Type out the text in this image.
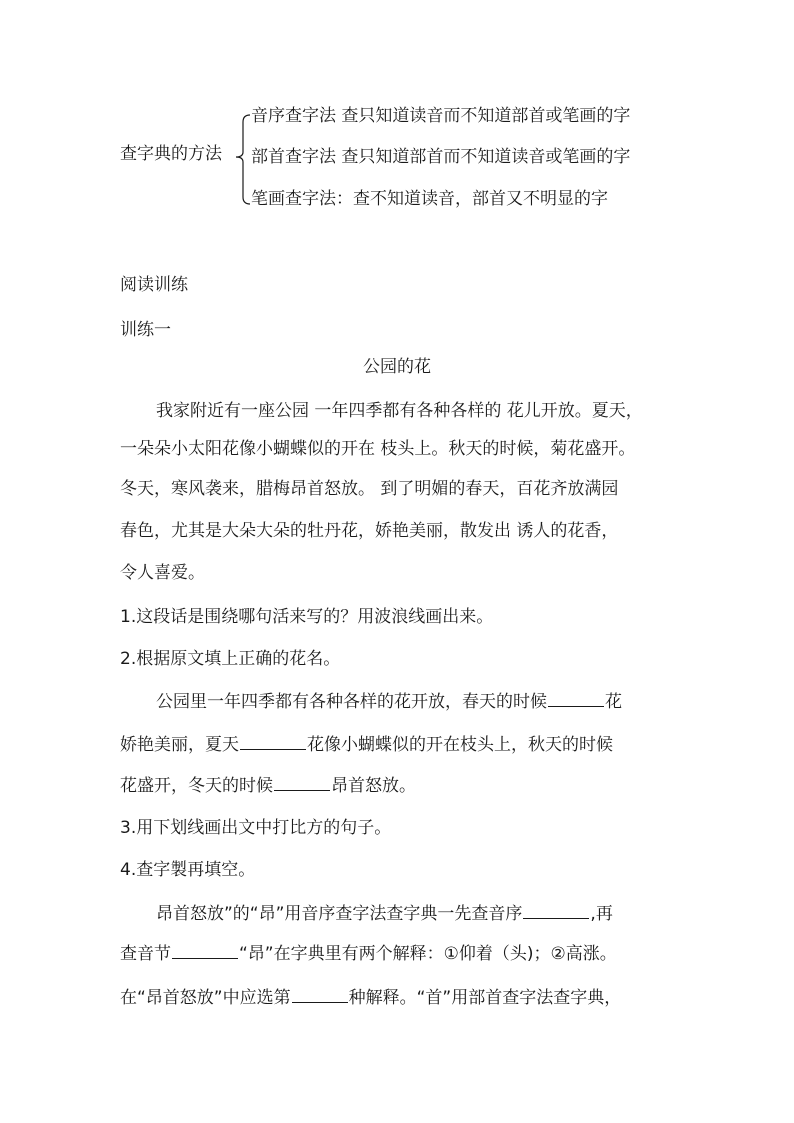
查字典的方法
音序查字法 查只知道读音而不知道部首或笔画的字
部首查字法 查只知道部首而不知道读音或笔画的字
笔画查字法：查不知道读音，部首又不明显的字
阅读训练
训练一
公园的花
我家附近有一座公园 一年四季都有各种各样的 花儿开放。夏天，
一朵朵小太阳花像小蝴蝶似的开在 枝头上。秋天的时候，菊花盛开。
冬天，寒风袭来，腊梅昂首怒放。 到了明媚的春天，百花齐放满园
春色，尤其是大朵大朵的牡丹花，娇艳美丽，散发出 诱人的花香，
令人喜爱。
1.这段话是围绕哪句活来写的？用波浪线画出来。
2.根据原文填上正确的花名。
公园里一年四季都有各种各样的花开放，春天的时候	花
娇艳美丽，夏天	花像小蝴蝶似的开在枝头上，秋天的时候
花盛开，冬天的时候	昂首怒放。
3.用下划线画出文中打比方的句子。
4.查字製再填空。
昂首怒放”的“昂”用音序查字法查字典一先查音序	,再
查音节	“昂”在字典里有两个解释：①仰着（头)；②高涨。
在“昂首怒放”中应选第	种解释。“首”用部首查字法查字典，
